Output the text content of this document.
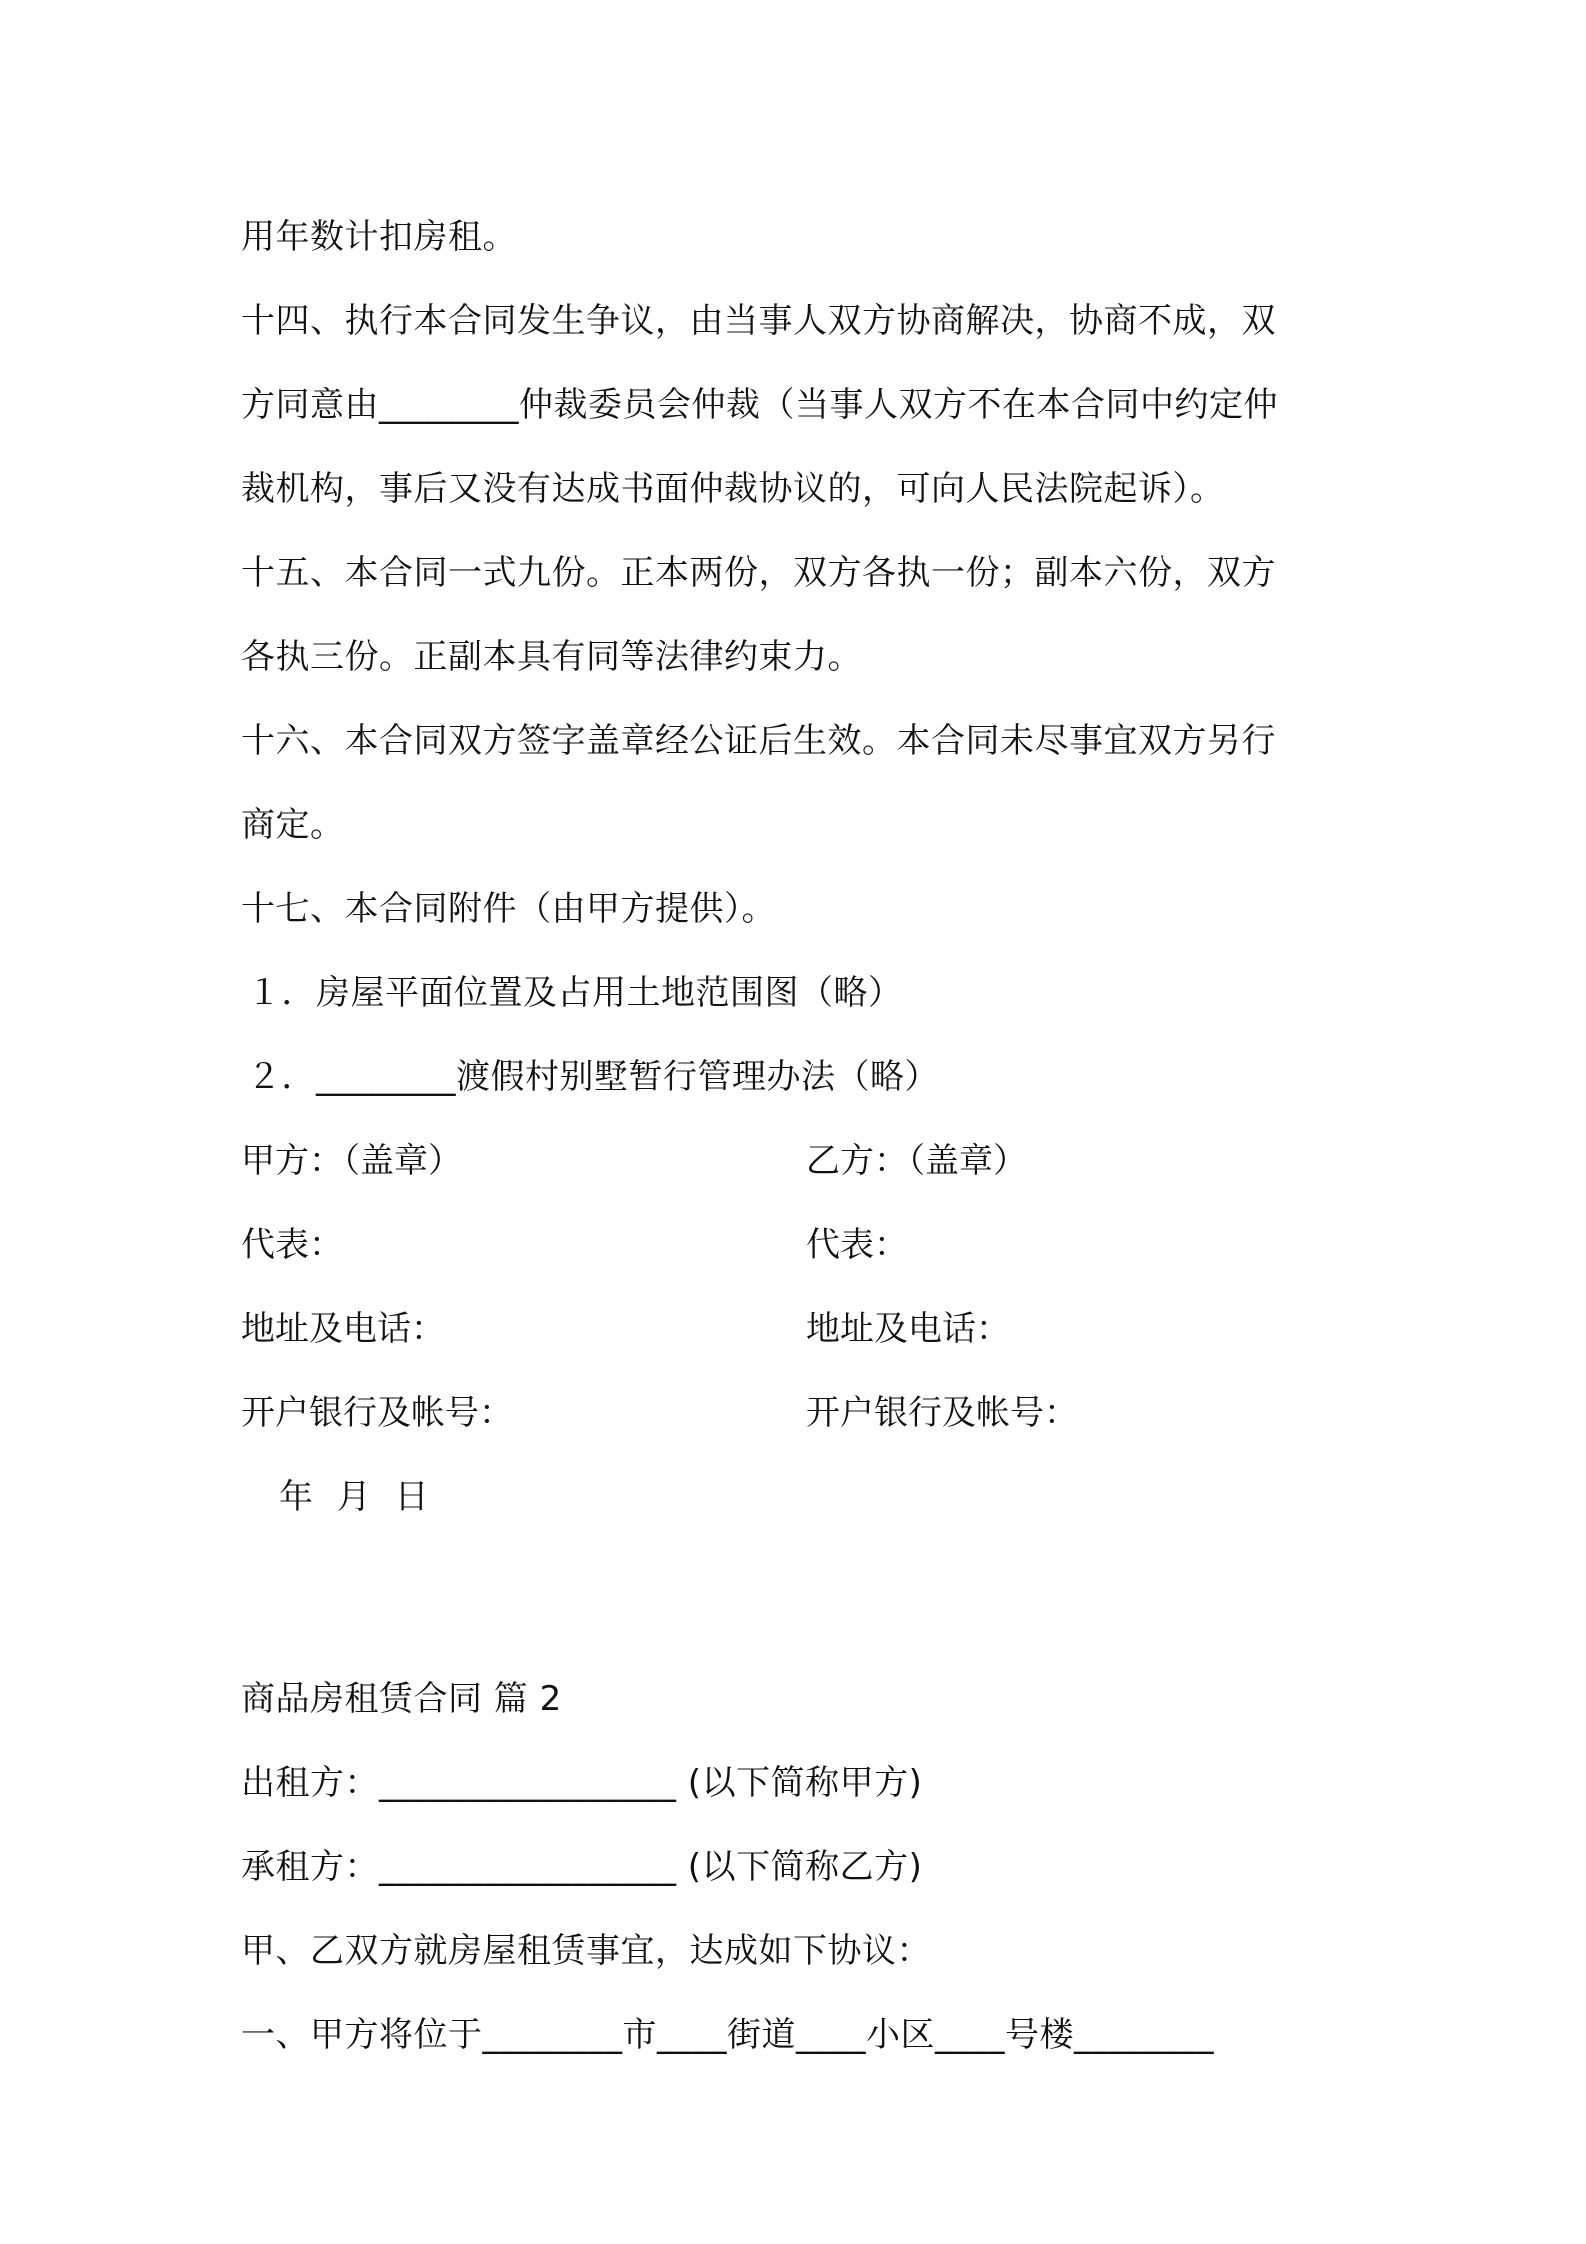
用年数计扣房租。
十四、执行本合同发生争议，由当事人双方协商解决，协商不成，双
方同意由________仲裁委员会仲裁（当事人双方不在本合同中约定仲
裁机构，事后又没有达成书面仲裁协议的，可向人民法院起诉）。
十五、本合同一式九份。正本两份，双方各执一份；副本六份，双方
各执三份。正副本具有同等法律约束力。
十六、本合同双方签字盖章经公证后生效。本合同未尽事宜双方另行
商定。
十七、本合同附件（由甲方提供）。
１．房屋平面位置及占用土地范围图（略）
２．________渡假村别墅暂行管理办法（略）
甲方：（盖章）	乙方：（盖章）
代表：	代表：
地址及电话：	地址及电话：
开户银行及帐号：	开户银行及帐号：
年 月 日
商品房租赁合同 篇 2
出租方：_________________ (以下简称甲方)
承租方：_________________ (以下简称乙方)
甲、乙双方就房屋租赁事宜，达成如下协议：
一、甲方将位于________市____街道____小区____号楼________
